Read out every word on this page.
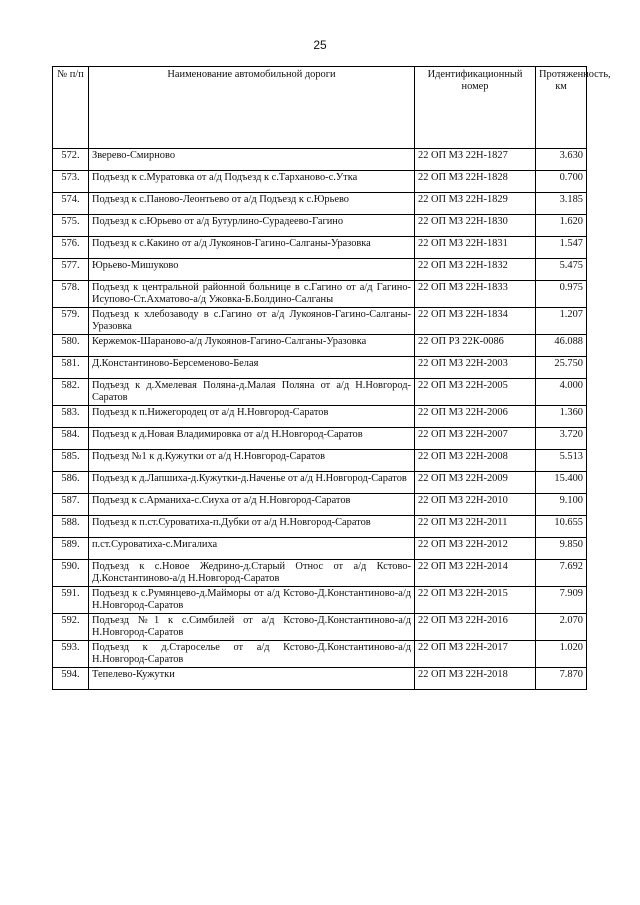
25
№ п/п	Наименование автомобильной дороги	Идентификационный номер	Протяженность, км
572.	Зверево-Смирново	22 ОП МЗ 22Н-1827	3.630
573.	Подъезд к с.Муратовка от а/д Подъезд к с.Тарханово-с.Утка	22 ОП МЗ 22Н-1828	0.700
574.	Подъезд к с.Паново-Леонтьево от а/д Подъезд к с.Юрьево	22 ОП МЗ 22Н-1829	3.185
575.	Подъезд к с.Юрьево от а/д Бутурлино-Сурадеево-Гагино	22 ОП МЗ 22Н-1830	1.620
576.	Подъезд к с.Какино от а/д Лукоянов-Гагино-Салганы-Уразовка	22 ОП МЗ 22Н-1831	1.547
577.	Юрьево-Мишуково	22 ОП МЗ 22Н-1832	5.475
578.	Подъезд к центральной районной больнице в с.Гагино от а/д Гагино-Исупово-Ст.Ахматово-а/д Ужовка-Б.Болдино-Салганы	22 ОП МЗ 22Н-1833	0.975
579.	Подъезд к хлебозаводу в с.Гагино от а/д Лукоянов-Гагино-Салганы-Уразовка	22 ОП МЗ 22Н-1834	1.207
580.	Кержемок-Шараново-а/д Лукоянов-Гагино-Салганы-Уразовка	22 ОП РЗ 22К-0086	46.088
581.	Д.Константиново-Берсеменово-Белая	22 ОП МЗ 22Н-2003	25.750
582.	Подъезд к д.Хмелевая Поляна-д.Малая Поляна от а/д Н.Новгород-Саратов	22 ОП МЗ 22Н-2005	4.000
583.	Подъезд к п.Нижегородец от а/д Н.Новгород-Саратов	22 ОП МЗ 22Н-2006	1.360
584.	Подъезд к д.Новая Владимировка от а/д Н.Новгород-Саратов	22 ОП МЗ 22Н-2007	3.720
585.	Подъезд №1 к д.Кужутки от а/д Н.Новгород-Саратов	22 ОП МЗ 22Н-2008	5.513
586.	Подъезд к д.Лапшиха-д.Кужутки-д.Наченье от а/д Н.Новгород-Саратов	22 ОП МЗ 22Н-2009	15.400
587.	Подъезд к с.Арманиха-с.Сиуха от а/д Н.Новгород-Саратов	22 ОП МЗ 22Н-2010	9.100
588.	Подъезд к п.ст.Суроватиха-п.Дубки от а/д Н.Новгород-Саратов	22 ОП МЗ 22Н-2011	10.655
589.	п.ст.Суроватиха-с.Мигалиха	22 ОП МЗ 22Н-2012	9.850
590.	Подъезд к с.Новое Жедрино-д.Старый Относ от а/д Кстово-Д.Константиново-а/д Н.Новгород-Саратов	22 ОП МЗ 22Н-2014	7.692
591.	Подъезд к с.Румянцево-д.Майморы от а/д Кстово-Д.Константиново-а/д Н.Новгород-Саратов	22 ОП МЗ 22Н-2015	7.909
592.	Подъезд №1 к с.Симбилей от а/д Кстово-Д.Константиново-а/д Н.Новгород-Саратов	22 ОП МЗ 22Н-2016	2.070
593.	Подъезд к д.Староселье от а/д Кстово-Д.Константиново-а/д Н.Новгород-Саратов	22 ОП МЗ 22Н-2017	1.020
594.	Тепелево-Кужутки	22 ОП МЗ 22Н-2018	7.870
